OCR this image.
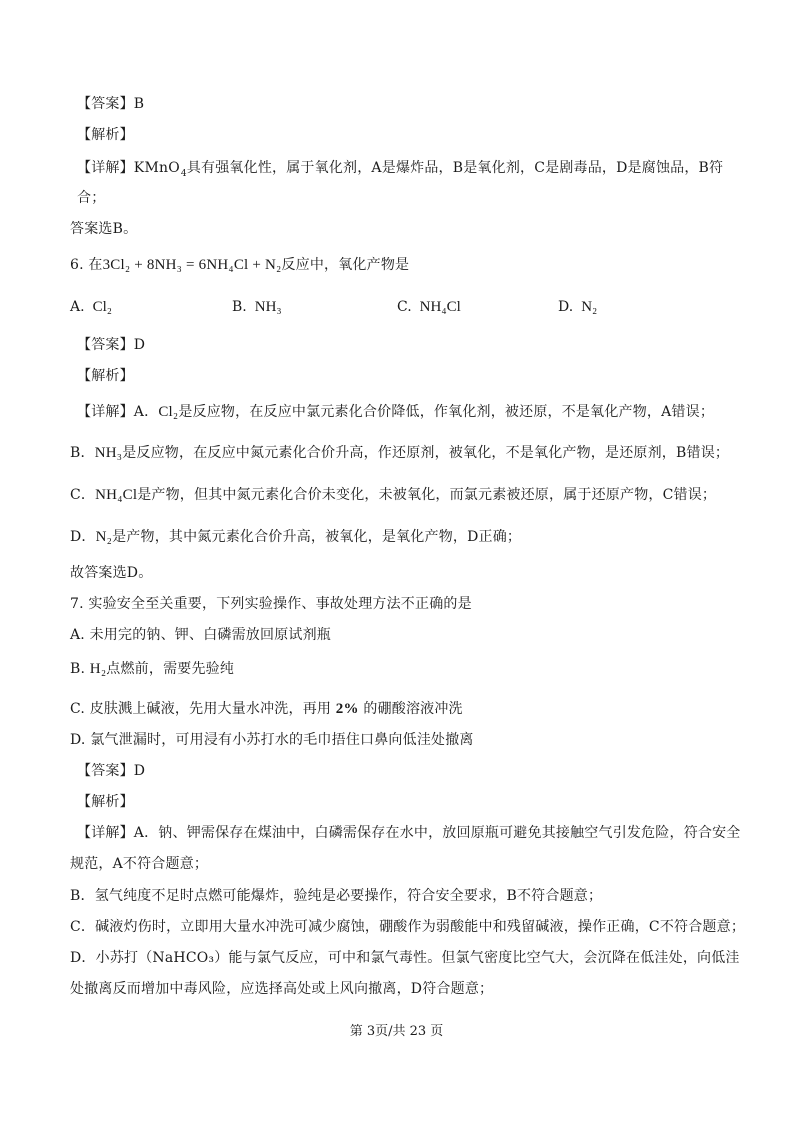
【答案】B
【解析】
【详解】KMnO$_4$具有强氧化性，属于氧化剂，A是爆炸品，B是氧化剂，C是剧毒品，D是腐蚀品，B符
合；
答案选B。
6. 在3Cl₂ + 8NH₃ = 6NH₄Cl + N₂反应中，氧化产物是
A. Cl₂	B. NH₃	C. NH₄Cl	D. N₂
【答案】D
【解析】
【详解】A．Cl₂是反应物，在反应中氯元素化合价降低，作氧化剂，被还原，不是氧化产物，A错误；
B．NH₃是反应物，在反应中氮元素化合价升高，作还原剂，被氧化，不是氧化产物，是还原剂，B错误；
C．NH₄Cl是产物，但其中氮元素化合价未变化，未被氧化，而氯元素被还原，属于还原产物，C错误；
D．N₂是产物，其中氮元素化合价升高，被氧化，是氧化产物，D正确；
故答案选D。
7. 实验安全至关重要，下列实验操作、事故处理方法不正确的是
A. 未用完的钠、钾、白磷需放回原试剂瓶
B. H₂点燃前，需要先验纯
C. 皮肤溅上碱液，先用大量水冲洗，再用 2% 的硼酸溶液冲洗
D. 氯气泄漏时，可用浸有小苏打水的毛巾捂住口鼻向低洼处撤离
【答案】D
【解析】
【详解】A．钠、钾需保存在煤油中，白磷需保存在水中，放回原瓶可避免其接触空气引发危险，符合安全
规范，A不符合题意；
B．氢气纯度不足时点燃可能爆炸，验纯是必要操作，符合安全要求，B不符合题意；
C．碱液灼伤时，立即用大量水冲洗可减少腐蚀，硼酸作为弱酸能中和残留碱液，操作正确，C不符合题意；
D．小苏打（NaHCO₃）能与氯气反应，可中和氯气毒性。但氯气密度比空气大，会沉降在低洼处，向低洼
处撤离反而增加中毒风险，应选择高处或上风向撤离，D符合题意；
第 3页/共 23 页
